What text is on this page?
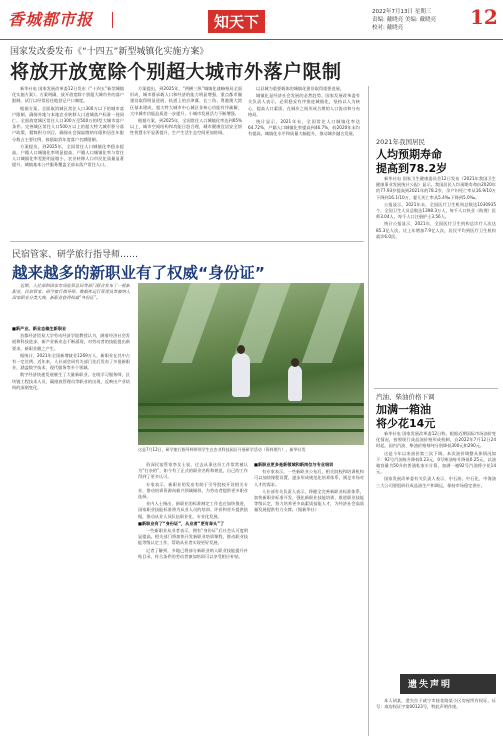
香城都市报	知天下
2022年7月13日 星期三
责编: 戴晓亮 美编: 戴晓亮
校对: 戴晓亮	12
国家发改委发布《“十四五”新型城镇化实施方案》
将放开放宽除个别超大城市外落户限制

新华社电 国家发展改革委12日发布《“十四五”新型城镇化实施方案》。方案明确，放开放宽除个别超大城市外的落户限制，试行以经常居住地登记户口制度。

根据方案，全面取消城区常住人口300万以下的城市落户限制，确保外地与本地农业转移人口进城落户标准一视同仁。全面放宽城区常住人口300万至500万的I型大城市落户条件。完善城区常住人口500万以上的超大特大城市积分落户政策，精简积分项目，确保社会保险缴纳年限和居住年限分数占主要比例，鼓励取消年度落户名额限制。

方案提出，到2025年，全国常住人口城镇化率稳步提高，户籍人口城镇化率明显提高，户籍人口城镇化率与常住人口城镇化率差距明显缩小，农业转移人口市民化质量显著提升，城镇基本公共服务覆盖全部未落户常住人口。

方案提出，到2025年，“两横三纵”城镇化战略格局全面形成，城市群承载人口和经济的能力明显增强，重点都市圈建设取得明显进展，轨道上的京津冀、长三角、粤港澳大湾区基本建成，超大特大城市中心城区非核心功能有序疏解，大中城市功能品质进一步提升，小城市发展活力不断增强。

根据方案，到2025年，全国常住人口城镇化率达到65%以上，城市空间结构和功能日趋合理，城市健康宜居安全韧性智慧水平显著提升，生产生活生态空间更加协调。

以县城为重要载体的城镇化建设取得重要进展。

城镇化是经济社会发展的必然趋势。国家发展改革委有关负责人表示，必须稳妥有序推进城镇化，坚持以人为核心，提高人口素质，在城乡之间形成合理的人口流动和分布格局。

统计显示，2021年末，全国常住人口城镇化率达64.72%，户籍人口城镇化率提高到46.7%，较2020年末均有提高。城镇化水平和质量大幅提升，推动城乡融合发展。

民宿管家、研学旅行指导师……
越来越多的新职业有了权威“身份证”

近期，人社部和国家市场监管总局等部门联合发布了一批新职业，民宿管家、研学旅行指导师、数据库运行管理员等被纳入国家职业分类大典，新职业获得权威“身份证”。

■新产业、新业态催生新职业

首都经济贸易大学劳动经济学院教授认为，随着经济社会发展和科技进步，新产业新业态不断涌现，对劳动者的技能提出新要求，新职业随之产生。

据统计，2021年全国新增就业1269万人，新职业在其中占有一定比例。近年来，人社部会同有关部门先后发布了多批新职业，涵盖数字技术、现代服务等多个领域。

数字经济快速发展催生了大量新职业。在线学习服务师、区块链工程技术人员、碳排放管理员等职业的出现，反映出产业结构的深刻变化。

这是7月12日，研学旅行指导师带领学生在农业科技园区开展研学活动（资料照片）。新华社发

资深民宿管家李女士说，过去从事这份工作常常被认为“打杂的”，如今有了正式的职业名称和规范，自己的工作得到了更多认可。

专家表示，新职业的发布有助于引导院校开设相关专业，推动培训资源向新兴领域倾斜，为劳动者提供更多职业选择。

业内人士指出，新职业的标准制定工作也在加快推进，国家职业技能标准将为从业人员的培训、评价和晋升提供依据，推动从业人员队伍职业化、专业化发展。

■新职业有了“身份证”，从业者“更有奔头”了

一些新职业从业者表示，拥有“身份证”后社会认可度明显提高。相关部门将加快开发新职业培训课程，推动职业技能等级认定工作，帮助从业者实现更好发展。

记者了解到，多地已将部分新职业纳入职业技能提升补贴目录，符合条件的劳动者参加培训可以享受相应补贴。

■新职业更多是新领域和新岗位与专业培训

有专家表示，一些新职业公布后，相关院校和培训机构可以加快课程设置，逐步形成规范化培养体系，满足市场对人才的需求。

人社部有关负责人表示，将健全完善新职业标准体系，加快新职业标准开发，强化新职业技能培训，推进职业技能等级认定，努力培养更多高素质技能人才，为经济社会高质量发展提供有力支撑。（据新华社）

2021年我国居民
人均预期寿命
提高到78.2岁

新华社电 国家卫生健康委员会12日发布《2021年我国卫生健康事业发展统计公报》显示，我国居民人均预期寿命由2020年的77.93岁提高到2021年的78.2岁，孕产妇死亡率从16.9/10万下降到16.1/10万，婴儿死亡率从5.4‰下降到5.0‰。

公报显示，2021年末，全国医疗卫生机构总数达1030935个，全国卫生人员总数达1398.3万人，每千人口执业（助理）医师3.04人，每千人口注册护士3.56人。

统计公报显示，2021年，全国医疗卫生机构总诊疗人次达85.3亿人次，比上年增加7.9亿人次，居民平均到医疗卫生机构就诊6.0次。

汽油、柴油价格下调
加满一箱油
将少花14元

新华社电 国家发展改革委12日称，根据近期国际市场油价变化情况，按照现行成品油价格形成机制，自2022年7月12日24时起，国内汽油、柴油价格每吨分别降低300元和290元。

这是今年以来油价第三次下调。本次油价调整具体情况如下：92号汽油每升降低0.23元，0号柴油每升降低0.25元。以油箱容量为50升的普通私家车计算，加满一箱92号汽油将少花14元。

国家发展改革委有关负责人表示，中石油、中石化、中海油三大公司要组织好成品油生产和调运，保持市场稳定供应。

遗失声明

本人胡某，遗失位于咸宁市桂花路某小区房屋所有权证，证号：咸房权证字第00123号，特此声明作废。
